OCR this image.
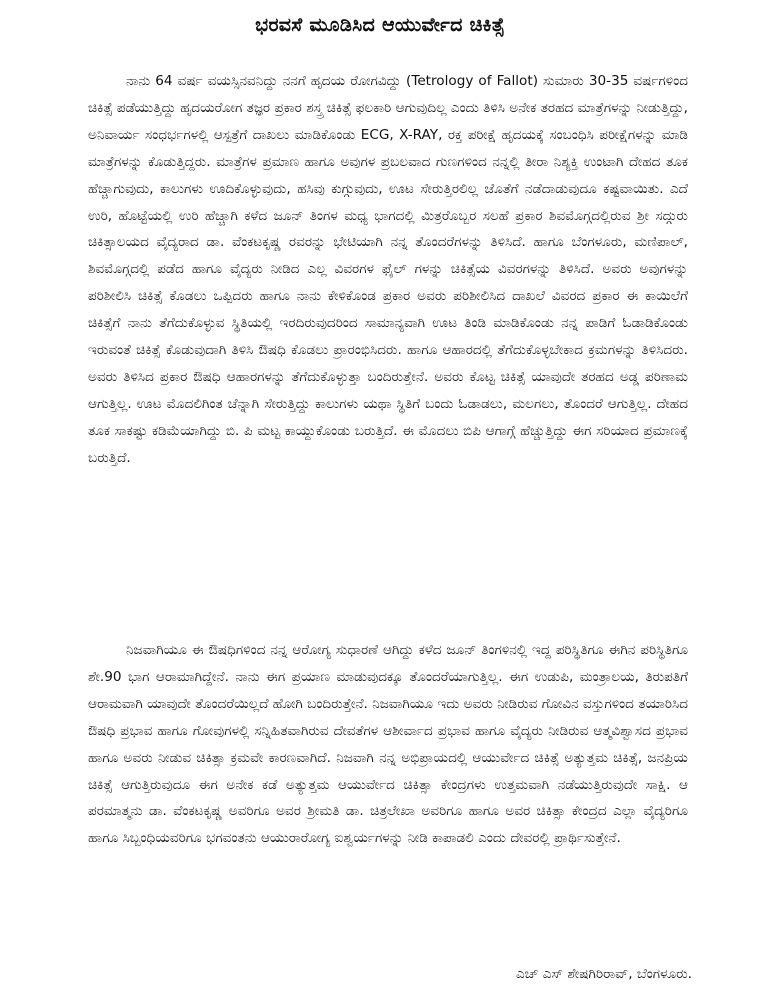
ಭರವಸೆ ಮೂಡಿಸಿದ ಆಯುರ್ವೇದ ಚಿಕಿತ್ಸೆ

ನಾನು 64 ವರ್ಷ ವಯಸ್ಸಿನವನಿದ್ದು ನನಗೆ ಹೃದಯ ರೋಗವಿದ್ದು (Tetrology of Fallot) ಸುಮಾರು 30-35 ವರ್ಷಗಳಿಂದ ಚಿಕಿತ್ಸೆ ಪಡೆಯುತ್ತಿದ್ದು ಹೃದಯರೋಗ ತಜ್ಞರ ಪ್ರಕಾರ ಶಸ್ತ್ರ ಚಿಕಿತ್ಸೆ ಫಲಕಾರಿ ಆಗುವುದಿಲ್ಲ ಎಂದು ತಿಳಿಸಿ ಅನೇಕ ತರಹದ ಮಾತ್ರೆಗಳನ್ನು ನೀಡುತ್ತಿದ್ದು, ಅನಿವಾರ್ಯ ಸಂಧರ್ಭಗಳಲ್ಲಿ ಆಸ್ಪತ್ರೆಗೆ ದಾಖಲು ಮಾಡಿಕೊಂಡು ECG, X-RAY, ರಕ್ತ ಪರೀಕ್ಷೆ ಹೃದಯಕ್ಕೆ ಸಂಬಂಧಿಸಿ ಪರೀಕ್ಷೆಗಳನ್ನು ಮಾಡಿ ಮಾತ್ರೆಗಳನ್ನು ಕೊಡುತ್ತಿದ್ದರು. ಮಾತ್ರೆಗಳ ಪ್ರಮಾಣ ಹಾಗೂ ಅವುಗಳ ಪ್ರಬಲವಾದ ಗುಣಗಳಿಂದ ನನ್ನಲ್ಲಿ ತೀರಾ ನಿಶ್ಯಕ್ತಿ ಉಂಟಾಗಿ ದೇಹದ ತೂಕ ಹೆಚ್ಚಾಗುವುದು, ಕಾಲುಗಳು ಊದಿಕೊಳ್ಳುವುದು, ಹಸಿವು ಕುಗ್ಗುವುದು, ಊಟ ಸೇರುತ್ತಿರಲಿಲ್ಲ ಜೊತೆಗೆ ನಡೆದಾಡುವುದೂ ಕಷ್ಟವಾಯಿತು. ಎದೆ ಉರಿ, ಹೊಟ್ಟೆಯಲ್ಲಿ ಉರಿ ಹೆಚ್ಚಾಗಿ ಕಳೆದ ಜೂನ್ ತಿಂಗಳ ಮಧ್ಯ ಭಾಗದಲ್ಲಿ ಮಿತ್ರರೊಬ್ಬರ ಸಲಹೆ ಪ್ರಕಾರ ಶಿವಮೊಗ್ಗದಲ್ಲಿರುವ ಶ್ರೀ ಸದ್ಗುರು ಚಿಕಿತ್ಸಾಲಯದ ವೈದ್ಯರಾದ ಡಾ. ವೆಂಕಟಕೃಷ್ಣ ರವರನ್ನು ಭೇಟಿಯಾಗಿ ನನ್ನ ತೊಂದರೆಗಳನ್ನು ತಿಳಿಸಿದೆ. ಹಾಗೂ ಬೆಂಗಳೂರು, ಮಣಿಪಾಲ್, ಶಿವಮೊಗ್ಗದಲ್ಲಿ ಪಡೆದ ಹಾಗೂ ವೈದ್ಯರು ನೀಡಿದ ಎಲ್ಲ ವಿವರಗಳ ಫೈಲ್ ಗಳನ್ನು ಚಿಕಿತ್ಸೆಯ ವಿವರಗಳನ್ನು ತಿಳಿಸಿದೆ. ಅವರು ಅವುಗಳನ್ನು ಪರಿಶೀಲಿಸಿ ಚಿಕಿತ್ಸೆ ಕೊಡಲು ಒಪ್ಪಿದರು ಹಾಗೂ ನಾನು ಕೇಳಿಕೊಂಡ ಪ್ರಕಾರ ಅವರು ಪರಿಶೀಲಿಸಿದ ದಾಖಲೆ ವಿವರದ ಪ್ರಕಾರ ಈ ಕಾಯಿಲೆಗೆ ಚಿಕಿತ್ಸೆಗೆ ನಾನು ತೆಗೆದುಕೊಳ್ಳುವ ಸ್ಥಿತಿಯಲ್ಲಿ ಇರದಿರುವುದರಿಂದ ಸಾಮಾನ್ಯವಾಗಿ ಊಟ ತಿಂಡಿ ಮಾಡಿಕೊಂಡು ನನ್ನ ಪಾಡಿಗೆ ಓಡಾಡಿಕೊಂಡು ಇರುವಂತೆ ಚಿಕಿತ್ಸೆ ಕೊಡುವುದಾಗಿ ತಿಳಿಸಿ ಔಷಧಿ ಕೊಡಲು ಪ್ರಾರಂಭಿಸಿದರು. ಹಾಗೂ ಆಹಾರದಲ್ಲಿ ತೆಗೆದುಕೊಳ್ಳಬೇಕಾದ ಕ್ರಮಗಳನ್ನು ತಿಳಿಸಿದರು. ಅವರು ತಿಳಿಸಿದ ಪ್ರಕಾರ ಔಷಧಿ ಆಹಾರಗಳನ್ನು ತೆಗೆದುಕೊಳ್ಳುತ್ತಾ ಬಂದಿರುತ್ತೇನೆ. ಅವರು ಕೊಟ್ಟ ಚಿಕಿತ್ಸೆ ಯಾವುದೇ ತರಹದ ಅಡ್ಡ ಪರಿಣಾಮ ಆಗುತ್ತಿಲ್ಲ. ಊಟ ಮೊದಲಿಗಿಂತ ಚೆನ್ನಾಗಿ ಸೇರುತ್ತಿದ್ದು ಕಾಲುಗಳು ಯಥಾ ಸ್ಥಿತಿಗೆ ಬಂದು ಓಡಾಡಲು, ಮಲಗಲು, ತೊಂದರೆ ಆಗುತ್ತಿಲ್ಲ. ದೇಹದ ತೂಕ ಸಾಕಷ್ಟು ಕಡಿಮೆಯಾಗಿದ್ದು ಬಿ. ಪಿ ಮಟ್ಟ ಕಾಯ್ದುಕೊಂಡು ಬರುತ್ತಿದೆ. ಈ ಮೊದಲು ಬಿಪಿ ಆಗಾಗ್ಗೆ ಹೆಚ್ಚುತ್ತಿದ್ದು ಈಗ ಸರಿಯಾದ ಪ್ರಮಾಣಕ್ಕೆ ಬರುತ್ತಿದೆ.

ನಿಜವಾಗಿಯೂ ಈ ಔಷಧಿಗಳಿಂದ ನನ್ನ ಆರೋಗ್ಯ ಸುಧಾರಣೆ ಆಗಿದ್ದು ಕಳೆದ ಜೂನ್ ತಿಂಗಳಿನಲ್ಲಿ ಇದ್ದ ಪರಿಸ್ಥಿತಿಗೂ ಈಗಿನ ಪರಿಸ್ಥಿತಿಗೂ ಶೇ.90 ಭಾಗ ಆರಾಮಾಗಿದ್ದೇನೆ. ನಾನು ಈಗ ಪ್ರಯಾಣ ಮಾಡುವುದಕ್ಕೂ ತೊಂದರೆಯಾಗುತ್ತಿಲ್ಲ. ಈಗ ಉಡುಪಿ, ಮಂತ್ರಾಲಯ, ತಿರುಪತಿಗೆ ಆರಾಮವಾಗಿ ಯಾವುದೇ ತೊಂದರೆಯಿಲ್ಲದೆ ಹೋಗಿ ಬಂದಿರುತ್ತೇನೆ. ನಿಜವಾಗಿಯೂ ಇದು ಅವರು ನೀಡಿರುವ ಗೋವಿನ ವಸ್ತುಗಳಿಂದ ತಯಾರಿಸಿದ ಔಷಧಿ ಪ್ರಭಾವ ಹಾಗೂ ಗೋವುಗಳಲ್ಲಿ ಸನ್ನಿಹಿತವಾಗಿರುವ ದೇವತೆಗಳ ಆಶೀರ್ವಾದ ಪ್ರಭಾವ ಹಾಗೂ ವೈದ್ಯರು ನೀಡಿರುವ ಆತ್ಮವಿಶ್ವಾಸದ ಪ್ರಭಾವ ಹಾಗೂ ಅವರು ನೀಡುವ ಚಿಕಿತ್ಸಾ ಕ್ರಮವೇ ಕಾರಣವಾಗಿದೆ. ನಿಜವಾಗಿ ನನ್ನ ಅಭಿಪ್ರಾಯದಲ್ಲಿ ಆಯುರ್ವೇದ ಚಿಕಿತ್ಸೆ ಅತ್ಯುತ್ತಮ ಚಿಕಿತ್ಸೆ, ಜನಪ್ರಿಯ ಚಿಕಿತ್ಸೆ ಆಗುತ್ತಿರುವುದೂ ಈಗ ಅನೇಕ ಕಡೆ ಅತ್ಯುತ್ತಮ ಆಯುರ್ವೇದ ಚಿಕಿತ್ಸಾ ಕೇಂದ್ರಗಳು ಉತ್ತಮವಾಗಿ ನಡೆಯುತ್ತಿರುವುದೇ ಸಾಕ್ಷಿ. ಆ ಪರಮಾತ್ಮನು ಡಾ. ವೆಂಕಟಕೃಷ್ಣ ಅವರಿಗೂ ಅವರ ಶ್ರೀಮತಿ ಡಾ. ಚಿತ್ರಲೇಖಾ ಅವರಿಗೂ ಹಾಗೂ ಅವರ ಚಿಕಿತ್ಸಾ ಕೇಂದ್ರದ ಎಲ್ಲಾ ವೈದ್ಯರಿಗೂ ಹಾಗೂ ಸಿಬ್ಬಂಧಿಯವರಿಗೂ ಭಗವಂತನು ಆಯುರಾರೋಗ್ಯ ಐಶ್ವರ್ಯಗಳನ್ನು ನೀಡಿ ಕಾಪಾಡಲಿ ಎಂದು ದೇವರಲ್ಲಿ ಪ್ರಾರ್ಥಿಸುತ್ತೇನೆ.

ಎಚ್ ಎಸ್ ಶೇಷಗಿರಿರಾವ್, ಬೆಂಗಳೂರು.
